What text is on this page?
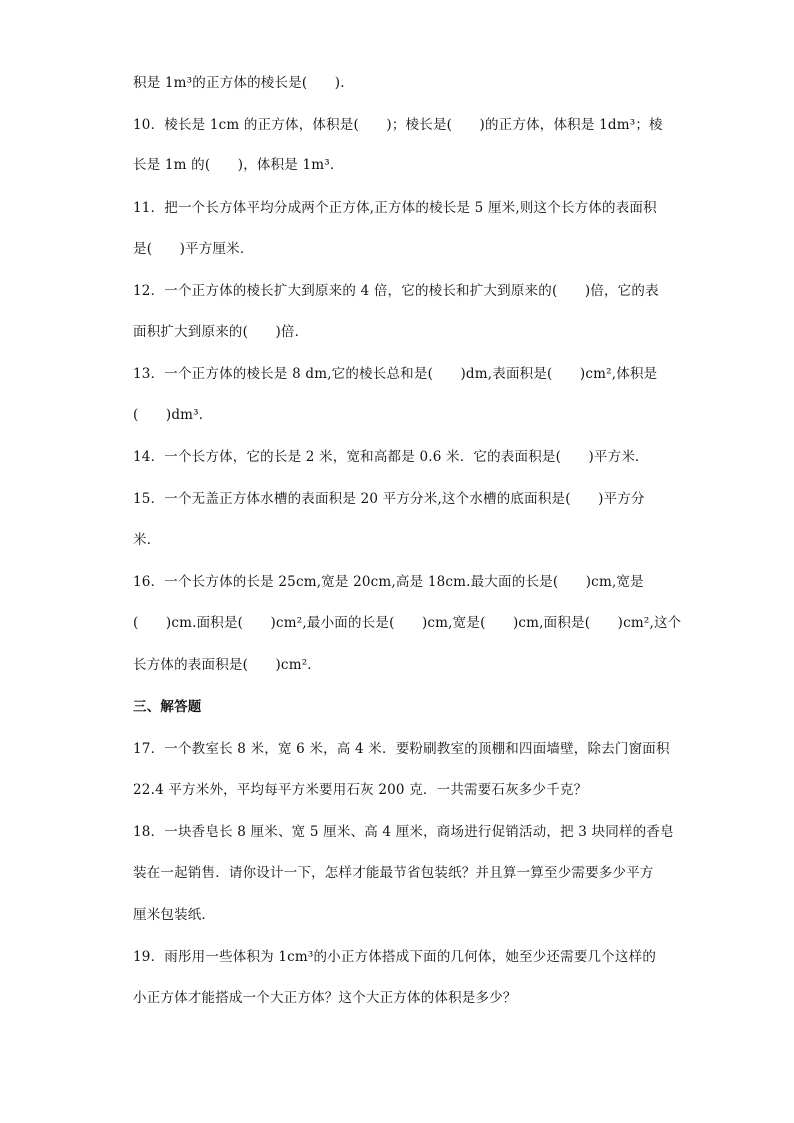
积是 1m³的正方体的棱长是(　　).
10．棱长是 1cm 的正方体，体积是(　　)；棱长是(　　)的正方体，体积是 1dm³；棱
长是 1m 的(　　)，体积是 1m³．
11．把一个长方体平均分成两个正方体,正方体的棱长是 5 厘米,则这个长方体的表面积
是(　　)平方厘米．
12．一个正方体的棱长扩大到原来的 4 倍，它的棱长和扩大到原来的(　　)倍，它的表
面积扩大到原来的(　　)倍．
13．一个正方体的棱长是 8 dm,它的棱长总和是(　　)dm,表面积是(　　)cm²,体积是
(　　)dm³．
14．一个长方体，它的长是 2 米，宽和高都是 0.6 米．它的表面积是(　　)平方米．
15．一个无盖正方体水槽的表面积是 20 平方分米,这个水槽的底面积是(　　)平方分
米．
16．一个长方体的长是 25cm,宽是 20cm,高是 18cm.最大面的长是(　　)cm,宽是
(　　)cm.面积是(　　)cm²,最小面的长是(　　)cm,宽是(　　)cm,面积是(　　)cm²,这个
长方体的表面积是(　　)cm²．
三、解答题
17．一个教室长 8 米，宽 6 米，高 4 米．要粉刷教室的顶棚和四面墙壁，除去门窗面积
22.4 平方米外，平均每平方米要用石灰 200 克．一共需要石灰多少千克？
18．一块香皂长 8 厘米、宽 5 厘米、高 4 厘米，商场进行促销活动，把 3 块同样的香皂
装在一起销售．请你设计一下，怎样才能最节省包装纸？并且算一算至少需要多少平方
厘米包装纸．
19．雨彤用一些体积为 1cm³的小正方体搭成下面的几何体，她至少还需要几个这样的
小正方体才能搭成一个大正方体？这个大正方体的体积是多少？
